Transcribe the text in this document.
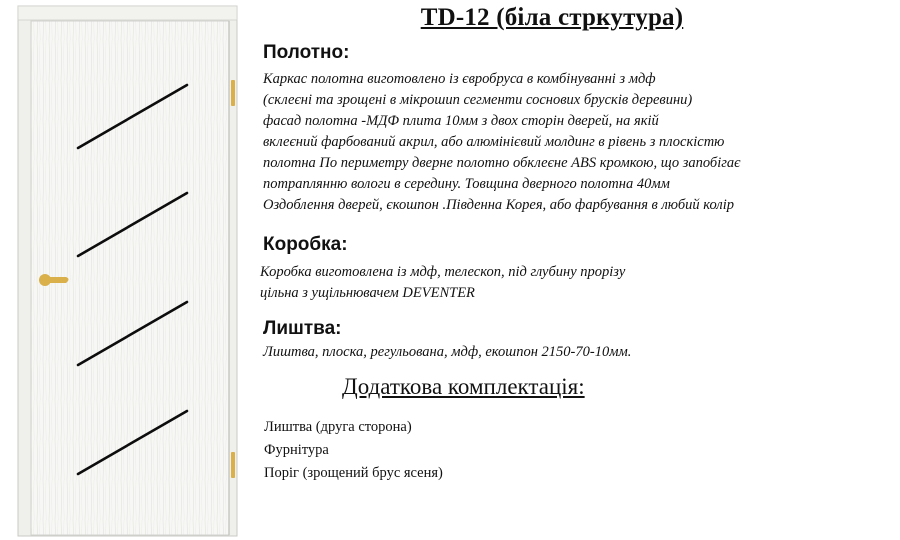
TD-12 (біла стркутура)
Полотно:
Каркас полотна виготовлено із євробруса в комбінуванні з мдф
(склеєні та зрощені в мікрошип сегменти соснових брусків деревини)
фасад полотна -МДФ плита 10мм з двох сторін дверей, на якій
вклеєний фарбований акрил, або алюмінієвий молдинг в рівень з плоскістю
полотна По периметру дверне полотно обклеєне ABS кромкою, що запобігає
потраплянню вологи в середину. Товщина дверного полотна 40мм
Оздоблення дверей, єкошпон .Південна Корея, або фарбування в любий колір
Коробка:
Коробка виготовлена із мдф, телескоп, під глубину прорізу
цільна з ущільнювачем DEVENTER
Лиштва:
Лиштва, плоска, регульована, мдф, екошпон 2150-70-10мм.
Додаткова комплектація:
Лиштва (друга сторона)
Фурнітура
Поріг (зрощений брус ясеня)
